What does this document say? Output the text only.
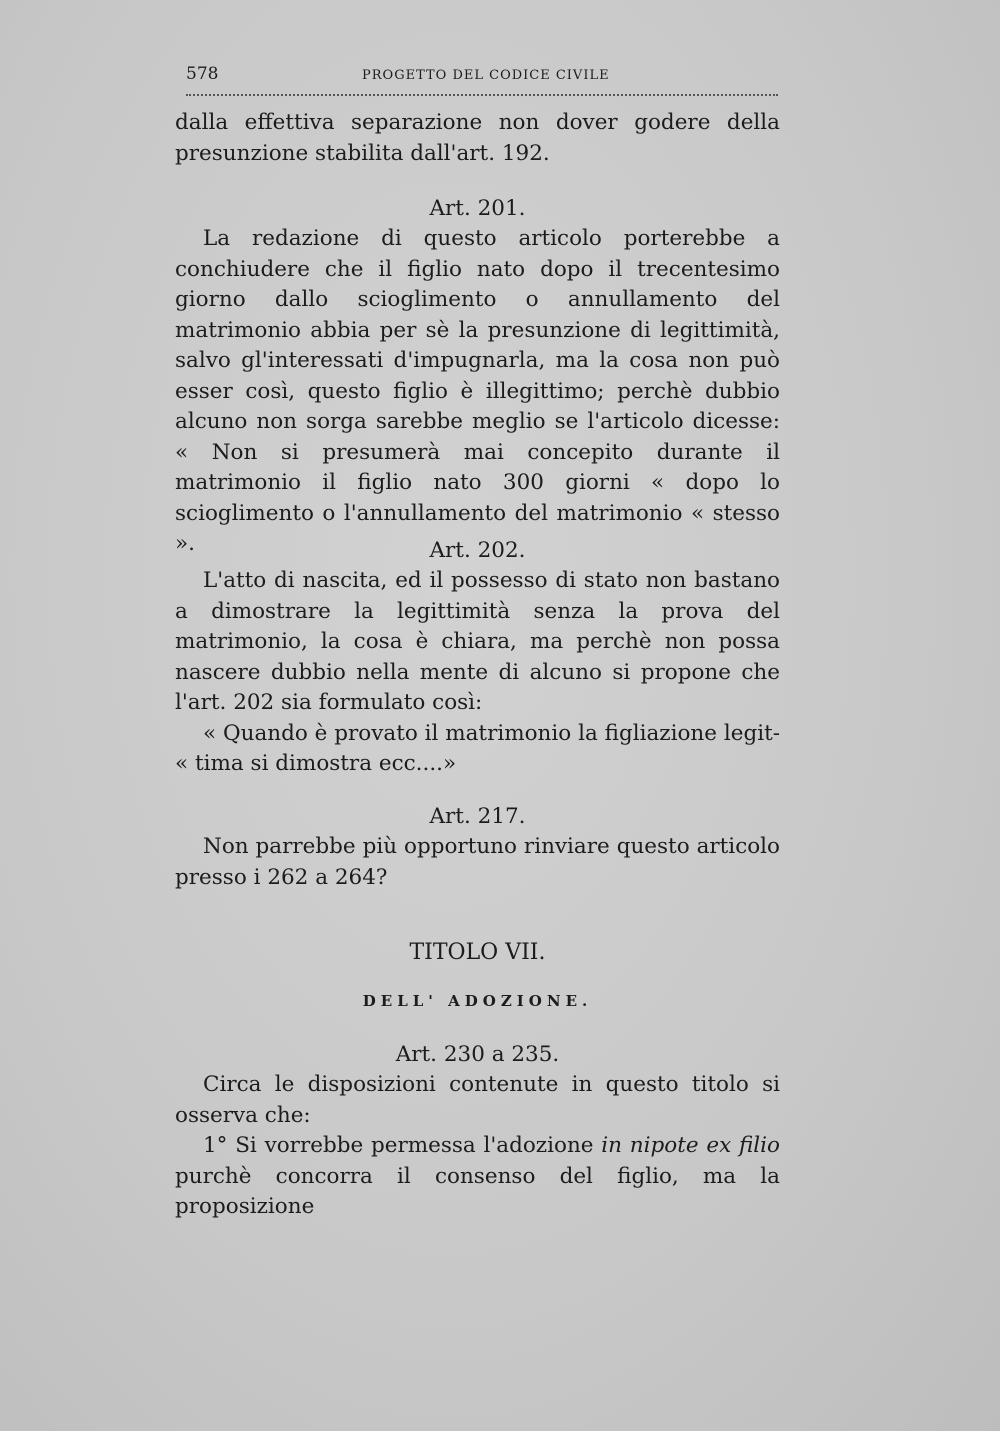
578	PROGETTO DEL CODICE CIVILE

dalla effettiva separazione non dover godere della presunzione stabilita dall'art. 192.

Art. 201.

La redazione di questo articolo porterebbe a conchiudere che il figlio nato dopo il trecentesimo giorno dallo scioglimento o annullamento del matrimonio abbia per sè la presunzione di legittimità, salvo gl'interessati d'impugnarla, ma la cosa non può esser così, questo figlio è illegittimo; perchè dubbio alcuno non sorga sarebbe meglio se l'articolo dicesse: « Non si presumerà mai concepito durante il matrimonio il figlio nato 300 giorni « dopo lo scioglimento o l'annullamento del matrimonio « stesso ».	Art. 202.

L'atto di nascita, ed il possesso di stato non bastano a dimostrare la legittimità senza la prova del matrimonio, la cosa è chiara, ma perchè non possa nascere dubbio nella mente di alcuno si propone che l'art. 202 sia formulato così:

« Quando è provato il matrimonio la figliazione legit- « tima si dimostra ecc....»

Art. 217.

Non parrebbe più opportuno rinviare questo articolo presso i 262 a 264?

TITOLO VII.
DELL' ADOZIONE.
Art. 230 a 235.

Circa le disposizioni contenute in questo titolo si osserva che:

1° Si vorrebbe permessa l'adozione in nipote ex filio purchè concorra il consenso del figlio, ma la proposizione
